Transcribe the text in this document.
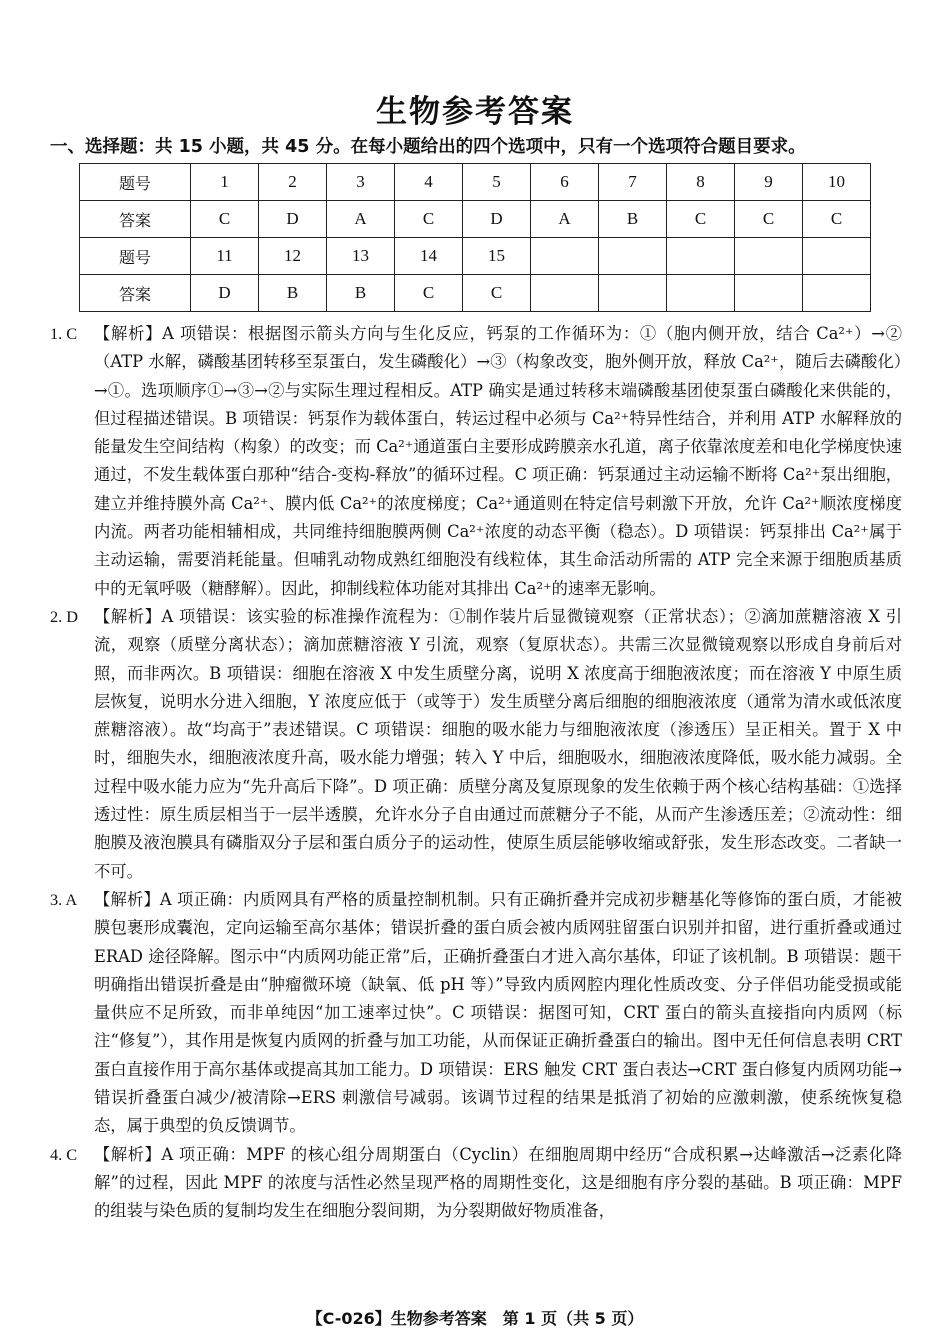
生物参考答案
一、选择题：共 15 小题，共 45 分。在每小题给出的四个选项中，只有一个选项符合题目要求。
题号	1	2	3	4	5	6	7	8	9	10
答案	C	D	A	C	D	A	B	C	C	C
题号	11	12	13	14	15					
答案	D	B	B	C	C					
1. C	【解析】A 项错误：根据图示箭头方向与生化反应，钙泵的工作循环为：①（胞内侧开放，结合 Ca²⁺）→②（ATP 水解，磷酸基团转移至泵蛋白，发生磷酸化）→③（构象改变，胞外侧开放，释放 Ca²⁺，随后去磷酸化）→①。选项顺序①→③→②与实际生理过程相反。ATP 确实是通过转移末端磷酸基团使泵蛋白磷酸化来供能的，但过程描述错误。B 项错误：钙泵作为载体蛋白，转运过程中必须与 Ca²⁺特异性结合，并利用 ATP 水解释放的能量发生空间结构（构象）的改变；而 Ca²⁺通道蛋白主要形成跨膜亲水孔道，离子依靠浓度差和电化学梯度快速通过，不发生载体蛋白那种“结合-变构-释放”的循环过程。C 项正确：钙泵通过主动运输不断将 Ca²⁺泵出细胞，建立并维持膜外高 Ca²⁺、膜内低 Ca²⁺的浓度梯度；Ca²⁺通道则在特定信号刺激下开放，允许 Ca²⁺顺浓度梯度内流。两者功能相辅相成，共同维持细胞膜两侧 Ca²⁺浓度的动态平衡（稳态）。D 项错误：钙泵排出 Ca²⁺属于主动运输，需要消耗能量。但哺乳动物成熟红细胞没有线粒体，其生命活动所需的 ATP 完全来源于细胞质基质中的无氧呼吸（糖酵解）。因此，抑制线粒体功能对其排出 Ca²⁺的速率无影响。
2. D 【解析】A 项错误：该实验的标准操作流程为：①制作装片后显微镜观察（正常状态）；②滴加蔗糖溶液 X 引流，观察（质壁分离状态）；滴加蔗糖溶液 Y 引流，观察（复原状态）。共需三次显微镜观察以形成自身前后对照，而非两次。B 项错误：细胞在溶液 X 中发生质壁分离，说明 X 浓度高于细胞液浓度；而在溶液 Y 中原生质层恢复，说明水分进入细胞，Y 浓度应低于（或等于）发生质壁分离后细胞的细胞液浓度（通常为清水或低浓度蔗糖溶液）。故“均高于”表述错误。C 项错误：细胞的吸水能力与细胞液浓度（渗透压）呈正相关。置于 X 中时，细胞失水，细胞液浓度升高，吸水能力增强；转入 Y 中后，细胞吸水，细胞液浓度降低，吸水能力减弱。全过程中吸水能力应为“先升高后下降”。D 项正确：质壁分离及复原现象的发生依赖于两个核心结构基础：①选择透过性：原生质层相当于一层半透膜，允许水分子自由通过而蔗糖分子不能，从而产生渗透压差；②流动性：细胞膜及液泡膜具有磷脂双分子层和蛋白质分子的运动性，使原生质层能够收缩或舒张，发生形态改变。二者缺一不可。
3. A	【解析】A 项正确：内质网具有严格的质量控制机制。只有正确折叠并完成初步糖基化等修饰的蛋白质，才能被膜包裹形成囊泡，定向运输至高尔基体；错误折叠的蛋白质会被内质网驻留蛋白识别并扣留，进行重折叠或通过 ERAD 途径降解。图示中“内质网功能正常”后，正确折叠蛋白才进入高尔基体，印证了该机制。B 项错误：题干明确指出错误折叠是由“肿瘤微环境（缺氧、低 pH 等）”导致内质网腔内理化性质改变、分子伴侣功能受损或能量供应不足所致，而非单纯因“加工速率过快”。C 项错误：据图可知，CRT 蛋白的箭头直接指向内质网（标注“修复”），其作用是恢复内质网的折叠与加工功能，从而保证正确折叠蛋白的输出。图中无任何信息表明 CRT 蛋白直接作用于高尔基体或提高其加工能力。D 项错误：ERS 触发 CRT 蛋白表达→CRT 蛋白修复内质网功能→错误折叠蛋白减少/被清除→ERS 刺激信号减弱。该调节过程的结果是抵消了初始的应激刺激，使系统恢复稳态，属于典型的负反馈调节。
4. C	【解析】A 项正确：MPF 的核心组分周期蛋白（Cyclin）在细胞周期中经历“合成积累→达峰激活→泛素化降解”的过程，因此 MPF 的浓度与活性必然呈现严格的周期性变化，这是细胞有序分裂的基础。B 项正确：MPF 的组装与染色质的复制均发生在细胞分裂间期，为分裂期做好物质准备，
【C-026】生物参考答案　第 1 页（共 5 页）
